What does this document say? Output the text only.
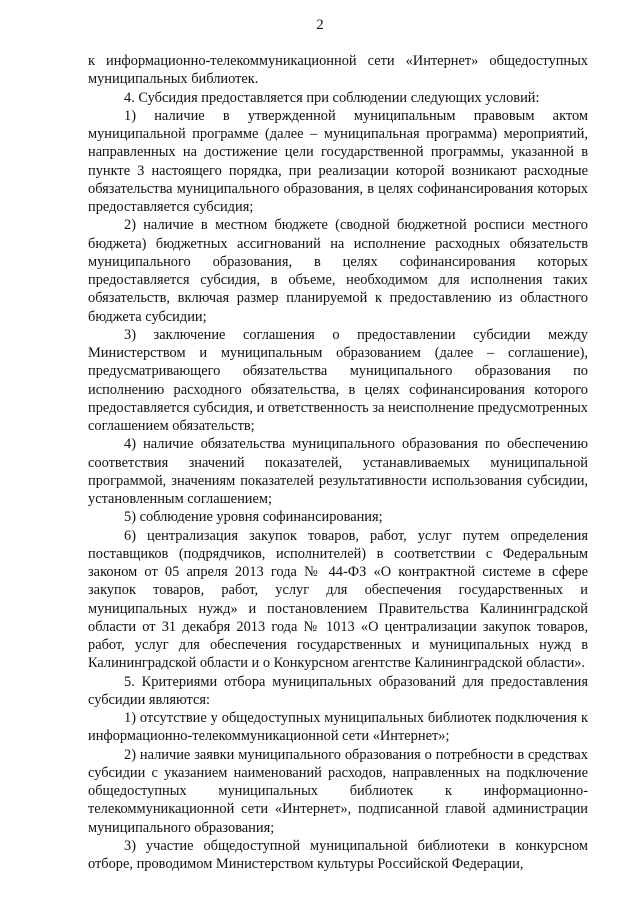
2

к информационно-телекоммуникационной сети «Интернет» общедоступных муниципальных библиотек.

4. Субсидия предоставляется при соблюдении следующих условий:

1) наличие в утвержденной муниципальным правовым актом муниципальной программе (далее – муниципальная программа) мероприятий, направленных на достижение цели государственной программы, указанной в пункте 3 настоящего порядка, при реализации которой возникают расходные обязательства муниципального образования, в целях софинансирования которых предоставляется субсидия;

2) наличие в местном бюджете (сводной бюджетной росписи местного бюджета) бюджетных ассигнований на исполнение расходных обязательств муниципального образования, в целях софинансирования которых предоставляется субсидия, в объеме, необходимом для исполнения таких обязательств, включая размер планируемой к предоставлению из областного бюджета субсидии;

3) заключение соглашения о предоставлении субсидии между Министерством и муниципальным образованием (далее – соглашение), предусматривающего обязательства муниципального образования по исполнению расходного обязательства, в целях софинансирования которого предоставляется субсидия, и ответственность за неисполнение предусмотренных соглашением обязательств;

4) наличие обязательства муниципального образования по обеспечению соответствия значений показателей, устанавливаемых муниципальной программой, значениям показателей результативности использования субсидии, установленным соглашением;

5) соблюдение уровня софинансирования;

6) централизация закупок товаров, работ, услуг путем определения поставщиков (подрядчиков, исполнителей) в соответствии с Федеральным законом от 05 апреля 2013 года № 44-ФЗ «О контрактной системе в сфере закупок товаров, работ, услуг для обеспечения государственных и муниципальных нужд» и постановлением Правительства Калининградской области от 31 декабря 2013 года № 1013 «О централизации закупок товаров, работ, услуг для обеспечения государственных и муниципальных нужд в Калининградской области и о Конкурсном агентстве Калининградской области».

5. Критериями отбора муниципальных образований для предоставления субсидии являются:

1) отсутствие у общедоступных муниципальных библиотек подключения к информационно-телекоммуникационной сети «Интернет»;

2) наличие заявки муниципального образования о потребности в средствах субсидии с указанием наименований расходов, направленных на подключение общедоступных муниципальных библиотек к информационно-телекоммуникационной сети «Интернет», подписанной главой администрации муниципального образования;

3) участие общедоступной муниципальной библиотеки в конкурсном отборе, проводимом Министерством культуры Российской Федерации,
